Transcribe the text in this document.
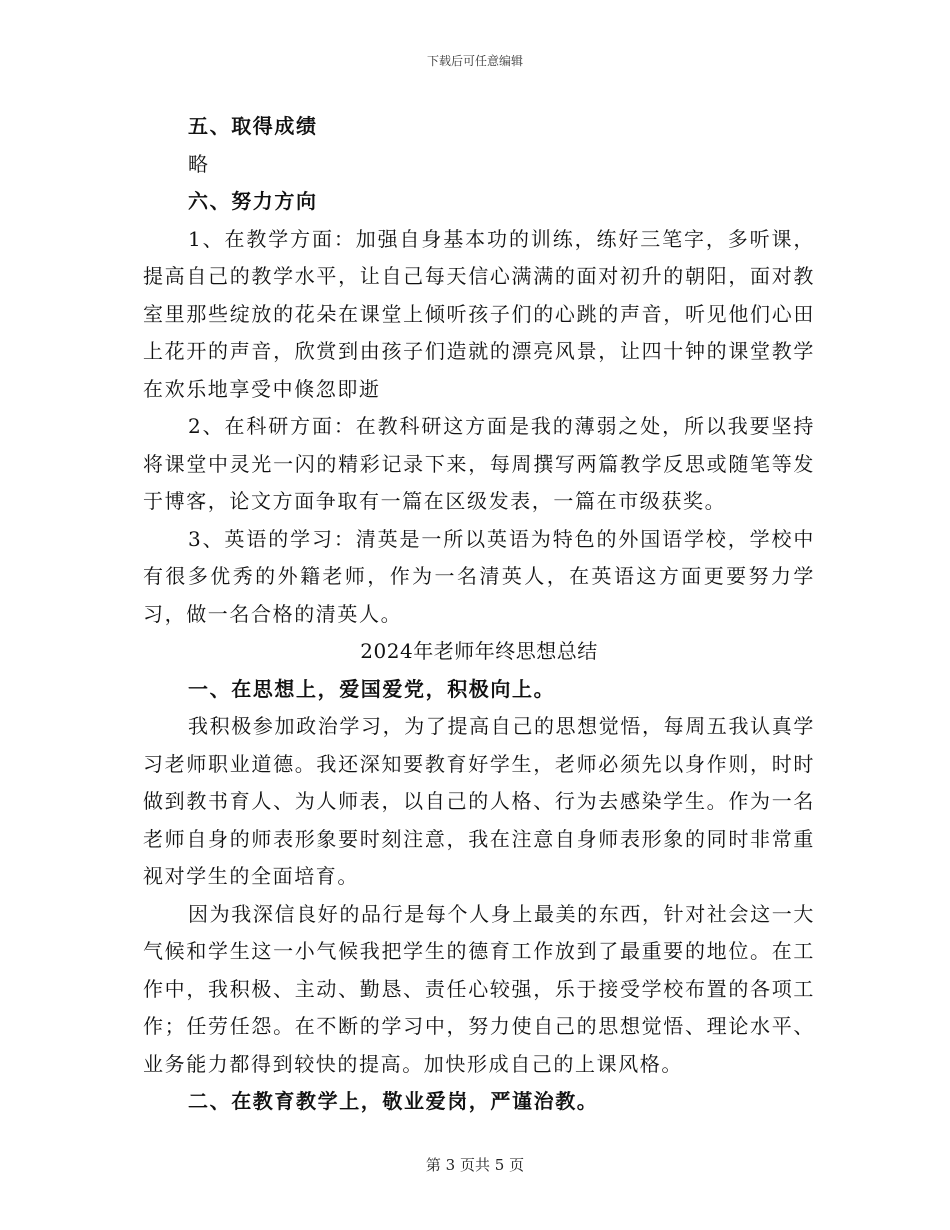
下载后可任意编辑

五、取得成绩

略

六、努力方向

1、在教学方面：加强自身基本功的训练，练好三笔字，多听课，提高自己的教学水平，让自己每天信心满满的面对初升的朝阳，面对教室里那些绽放的花朵在课堂上倾听孩子们的心跳的声音，听见他们心田上花开的声音，欣赏到由孩子们造就的漂亮风景，让四十钟的课堂教学在欢乐地享受中倏忽即逝

2、在科研方面：在教科研这方面是我的薄弱之处，所以我要坚持将课堂中灵光一闪的精彩记录下来，每周撰写两篇教学反思或随笔等发于博客，论文方面争取有一篇在区级发表，一篇在市级获奖。

3、英语的学习：清英是一所以英语为特色的外国语学校，学校中有很多优秀的外籍老师，作为一名清英人，在英语这方面更要努力学习，做一名合格的清英人。

2024年老师年终思想总结

一、在思想上，爱国爱党，积极向上。

我积极参加政治学习，为了提高自己的思想觉悟，每周五我认真学习老师职业道德。我还深知要教育好学生，老师必须先以身作则，时时做到教书育人、为人师表，以自己的人格、行为去感染学生。作为一名老师自身的师表形象要时刻注意，我在注意自身师表形象的同时非常重视对学生的全面培育。

因为我深信良好的品行是每个人身上最美的东西，针对社会这一大气候和学生这一小气候我把学生的德育工作放到了最重要的地位。在工作中，我积极、主动、勤恳、责任心较强，乐于接受学校布置的各项工作；任劳任怨。在不断的学习中，努力使自己的思想觉悟、理论水平、业务能力都得到较快的提高。加快形成自己的上课风格。

二、在教育教学上，敬业爱岗，严谨治教。

第 3 页共 5 页
